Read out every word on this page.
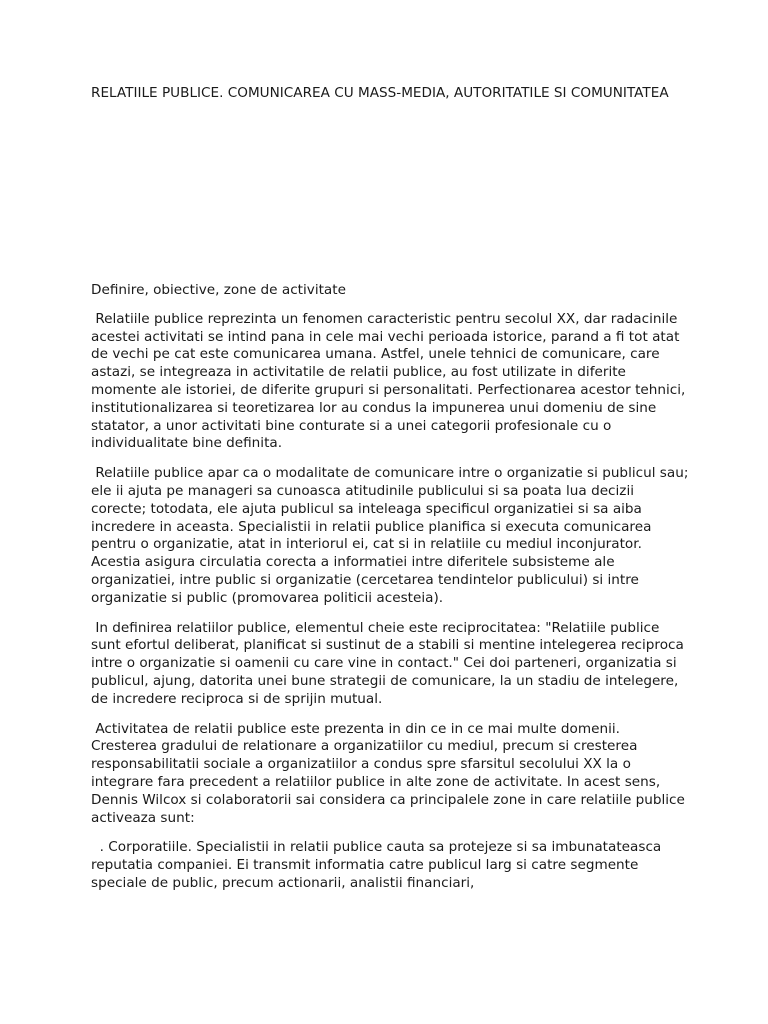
RELATIILE PUBLICE. COMUNICAREA CU MASS-MEDIA, AUTORITATILE SI COMUNITATEA

Definire, obiective, zone de activitate

Relatiile publice reprezinta un fenomen caracteristic pentru secolul XX, dar radacinile acestei activitati se intind pana in cele mai vechi perioada istorice, parand a fi tot atat de vechi pe cat este comunicarea umana. Astfel, unele tehnici de comunicare, care astazi, se integreaza in activitatile de relatii publice, au fost utilizate in diferite momente ale istoriei, de diferite grupuri si personalitati. Perfectionarea acestor tehnici, institutionalizarea si teoretizarea lor au condus la impunerea unui domeniu de sine statator, a unor activitati bine conturate si a unei categorii profesionale cu o individualitate bine definita.

Relatiile publice apar ca o modalitate de comunicare intre o organizatie si publicul sau; ele ii ajuta pe manageri sa cunoasca atitudinile publicului si sa poata lua decizii corecte; totodata, ele ajuta publicul sa inteleaga specificul organizatiei si sa aiba incredere in aceasta. Specialistii in relatii publice planifica si executa comunicarea pentru o organizatie, atat in interiorul ei, cat si in relatiile cu mediul inconjurator. Acestia asigura circulatia corecta a informatiei intre diferitele subsisteme ale organizatiei, intre public si organizatie (cercetarea tendintelor publicului) si intre organizatie si public (promovarea politicii acesteia).

In definirea relatiilor publice, elementul cheie este reciprocitatea: "Relatiile publice sunt efortul deliberat, planificat si sustinut de a stabili si mentine intelegerea reciproca intre o organizatie si oamenii cu care vine in contact." Cei doi parteneri, organizatia si publicul, ajung, datorita unei bune strategii de comunicare, la un stadiu de intelegere, de incredere reciproca si de sprijin mutual.

Activitatea de relatii publice este prezenta in din ce in ce mai multe domenii. Cresterea gradului de relationare a organizatiilor cu mediul, precum si cresterea responsabilitatii sociale a organizatiilor a condus spre sfarsitul secolului XX la o integrare fara precedent a relatiilor publice in alte zone de activitate. In acest sens, Dennis Wilcox si colaboratorii sai considera ca principalele zone in care relatiile publice activeaza sunt:

. Corporatiile. Specialistii in relatii publice cauta sa protejeze si sa imbunatateasca reputatia companiei. Ei transmit informatia catre publicul larg si catre segmente speciale de public, precum actionarii, analistii financiari,
